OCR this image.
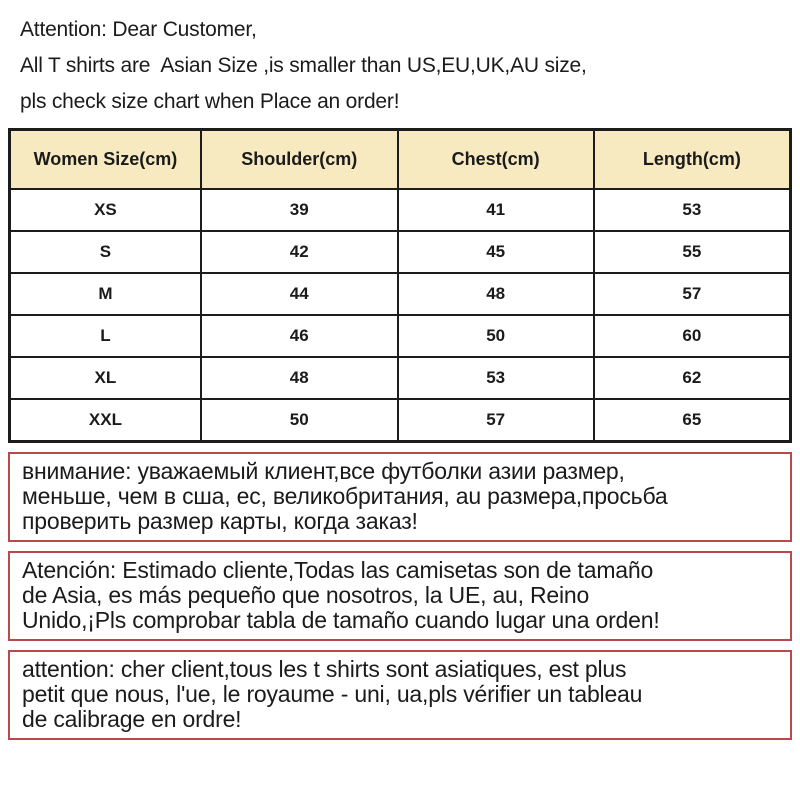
Attention: Dear Customer,
All T shirts are  Asian Size ,is smaller than US,EU,UK,AU size,
pls check size chart when Place an order!
Women Size(cm)	Shoulder(cm)	Chest(cm)	Length(cm)
XS	39	41	53
S	42	45	55
M	44	48	57
L	46	50	60
XL	48	53	62
XXL	50	57	65
внимание: уважаемый клиент,все футболки азии размер,
меньше, чем в сша, ес, великобритания, au размера,просьба
проверить размер карты, когда заказ!
Atención: Estimado cliente,Todas las camisetas son de tamaño
de Asia, es más pequeño que nosotros, la UE, au, Reino
Unido,¡Pls comprobar tabla de tamaño cuando lugar una orden!
attention: cher client,tous les t shirts sont asiatiques, est plus
petit que nous, l'ue, le royaume - uni, ua,pls vérifier un tableau
de calibrage en ordre!
